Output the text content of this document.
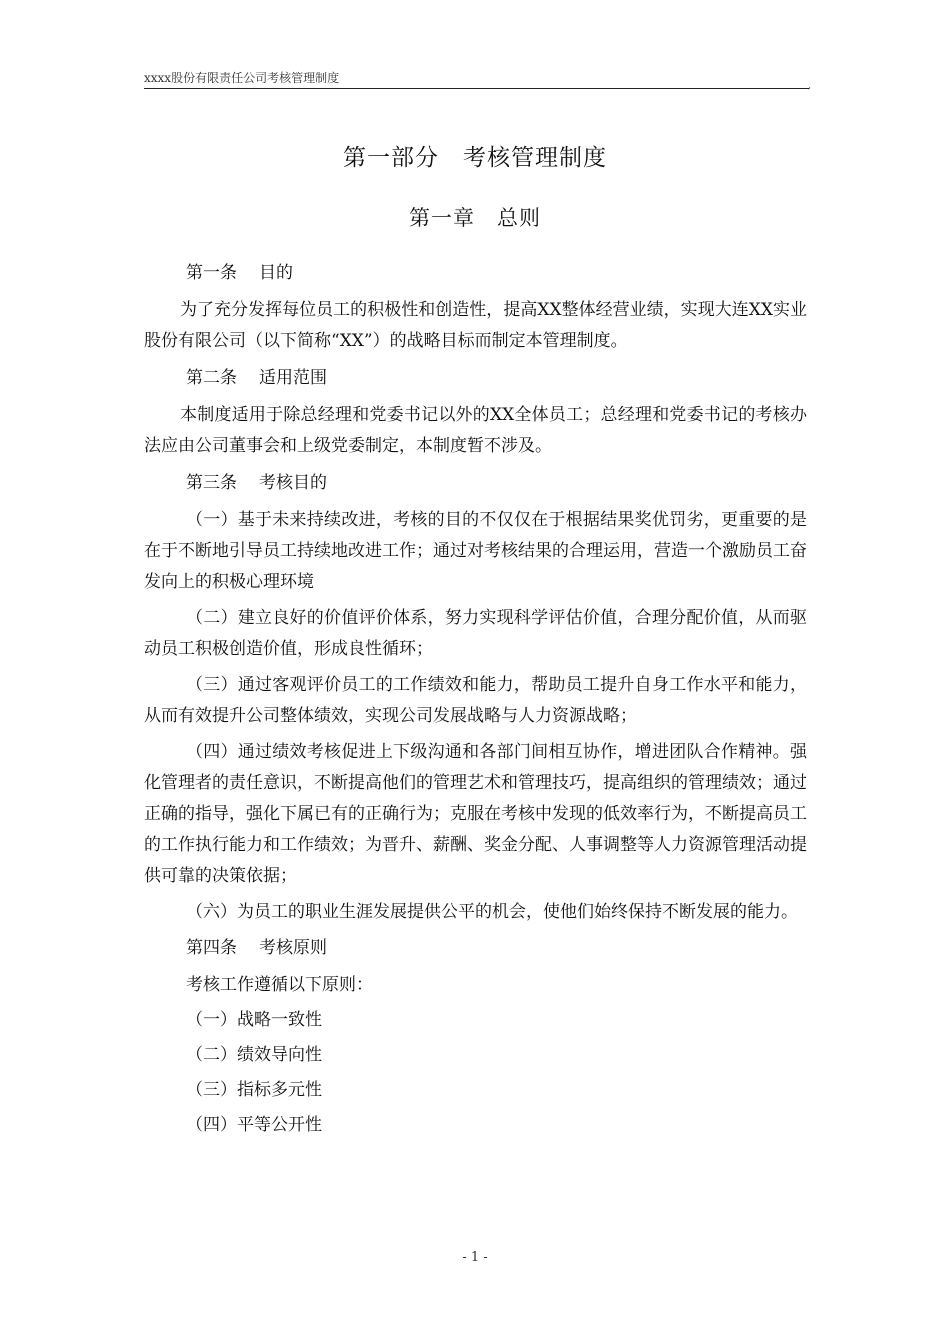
xxxx股份有限责任公司考核管理制度
,
第一部分　考核管理制度
第一章　总则
第一条 目的

为了充分发挥每位员工的积极性和创造性，提高XX整体经营业绩，实现大连XX实业股份有限公司（以下简称“XX”）的战略目标而制定本管理制度。

第二条 适用范围

本制度适用于除总经理和党委书记以外的XX全体员工；总经理和党委书记的考核办法应由公司董事会和上级党委制定，本制度暂不涉及。

第三条 考核目的

（一）基于未来持续改进，考核的目的不仅仅在于根据结果奖优罚劣，更重要的是在于不断地引导员工持续地改进工作；通过对考核结果的合理运用，营造一个激励员工奋发向上的积极心理环境

（二）建立良好的价值评价体系，努力实现科学评估价值，合理分配价值，从而驱动员工积极创造价值，形成良性循环；

（三）通过客观评价员工的工作绩效和能力，帮助员工提升自身工作水平和能力，从而有效提升公司整体绩效，实现公司发展战略与人力资源战略；

（四）通过绩效考核促进上下级沟通和各部门间相互协作，增进团队合作精神。强化管理者的责任意识，不断提高他们的管理艺术和管理技巧，提高组织的管理绩效；通过正确的指导，强化下属已有的正确行为；克服在考核中发现的低效率行为，不断提高员工的工作执行能力和工作绩效；为晋升、薪酬、奖金分配、人事调整等人力资源管理活动提供可靠的决策依据；

（六）为员工的职业生涯发展提供公平的机会，使他们始终保持不断发展的能力。

第四条 考核原则
考核工作遵循以下原则：
（一）战略一致性
（二）绩效导向性
（三）指标多元性
（四）平等公开性
- 1 -
